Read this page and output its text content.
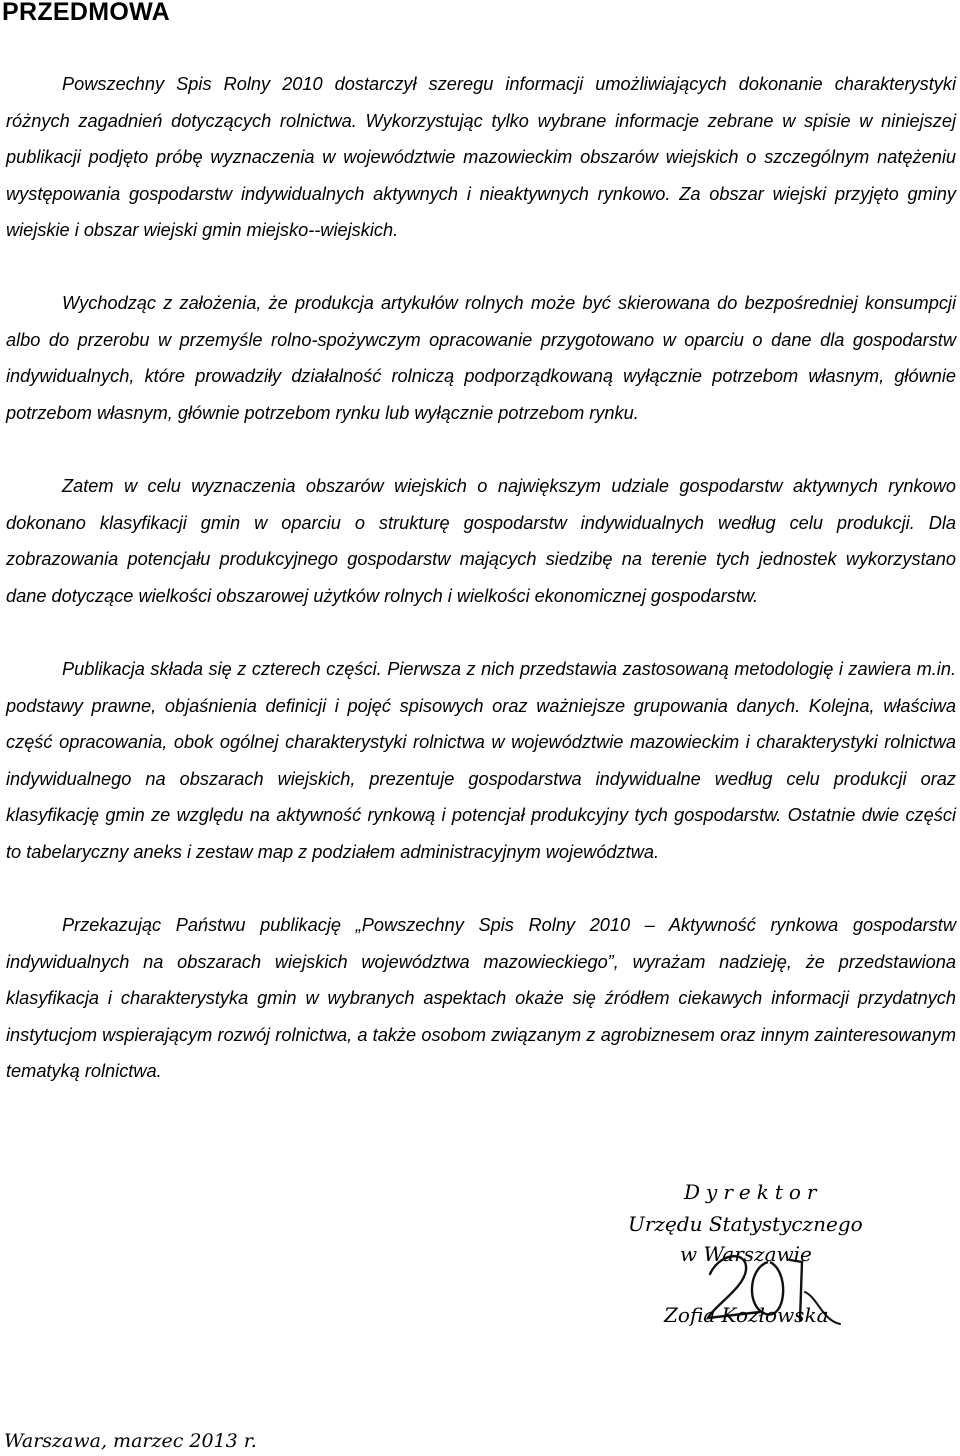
PRZEDMOWA

Powszechny Spis Rolny 2010 dostarczył szeregu informacji umożliwiających dokonanie charakterystyki różnych zagadnień dotyczących rolnictwa. Wykorzystując tylko wybrane informacje zebrane w spisie w niniejszej publikacji podjęto próbę wyznaczenia w województwie mazowieckim obszarów wiejskich o szczególnym natężeniu występowania gospodarstw indywidualnych aktywnych i nieaktywnych rynkowo. Za obszar wiejski przyjęto gminy wiejskie i obszar wiejski gmin miejsko--wiejskich.

Wychodząc z założenia, że produkcja artykułów rolnych może być skierowana do bezpośredniej konsumpcji albo do przerobu w przemyśle rolno-spożywczym opracowanie przygotowano w oparciu o dane dla gospodarstw indywidualnych, które prowadziły działalność rolniczą podporządkowaną wyłącznie potrzebom własnym, głównie potrzebom własnym, głównie potrzebom rynku lub wyłącznie potrzebom rynku.

Zatem w celu wyznaczenia obszarów wiejskich o największym udziale gospodarstw aktywnych rynkowo dokonano klasyfikacji gmin w oparciu o strukturę gospodarstw indywidualnych według celu produkcji. Dla zobrazowania potencjału produkcyjnego gospodarstw mających siedzibę na terenie tych jednostek wykorzystano dane dotyczące wielkości obszarowej użytków rolnych i wielkości ekonomicznej gospodarstw.

Publikacja składa się z czterech części. Pierwsza z nich przedstawia zastosowaną metodologię i zawiera m.in. podstawy prawne, objaśnienia definicji i pojęć spisowych oraz ważniejsze grupowania danych. Kolejna, właściwa część opracowania, obok ogólnej charakterystyki rolnictwa w województwie mazowieckim i charakterystyki rolnictwa indywidualnego na obszarach wiejskich, prezentuje gospodarstwa indywidualne według celu produkcji oraz klasyfikację gmin ze względu na aktywność rynkową i potencjał produkcyjny tych gospodarstw. Ostatnie dwie części to tabelaryczny aneks i zestaw map z podziałem administracyjnym województwa.

Przekazując Państwu publikację „Powszechny Spis Rolny 2010 – Aktywność rynkowa gospodarstw indywidualnych na obszarach wiejskich województwa mazowieckiego”, wyrażam nadzieję, że przedstawiona klasyfikacja i charakterystyka gmin w wybranych aspektach okaże się źródłem ciekawych informacji przydatnych instytucjom wspierającym rozwój rolnictwa, a także osobom związanym z agrobiznesem oraz innym zainteresowanym tematyką rolnictwa.

Dyrektor
Urzędu Statystycznego
w Warszawie
Zofia Kozłowska
Warszawa, marzec 2013 r.
